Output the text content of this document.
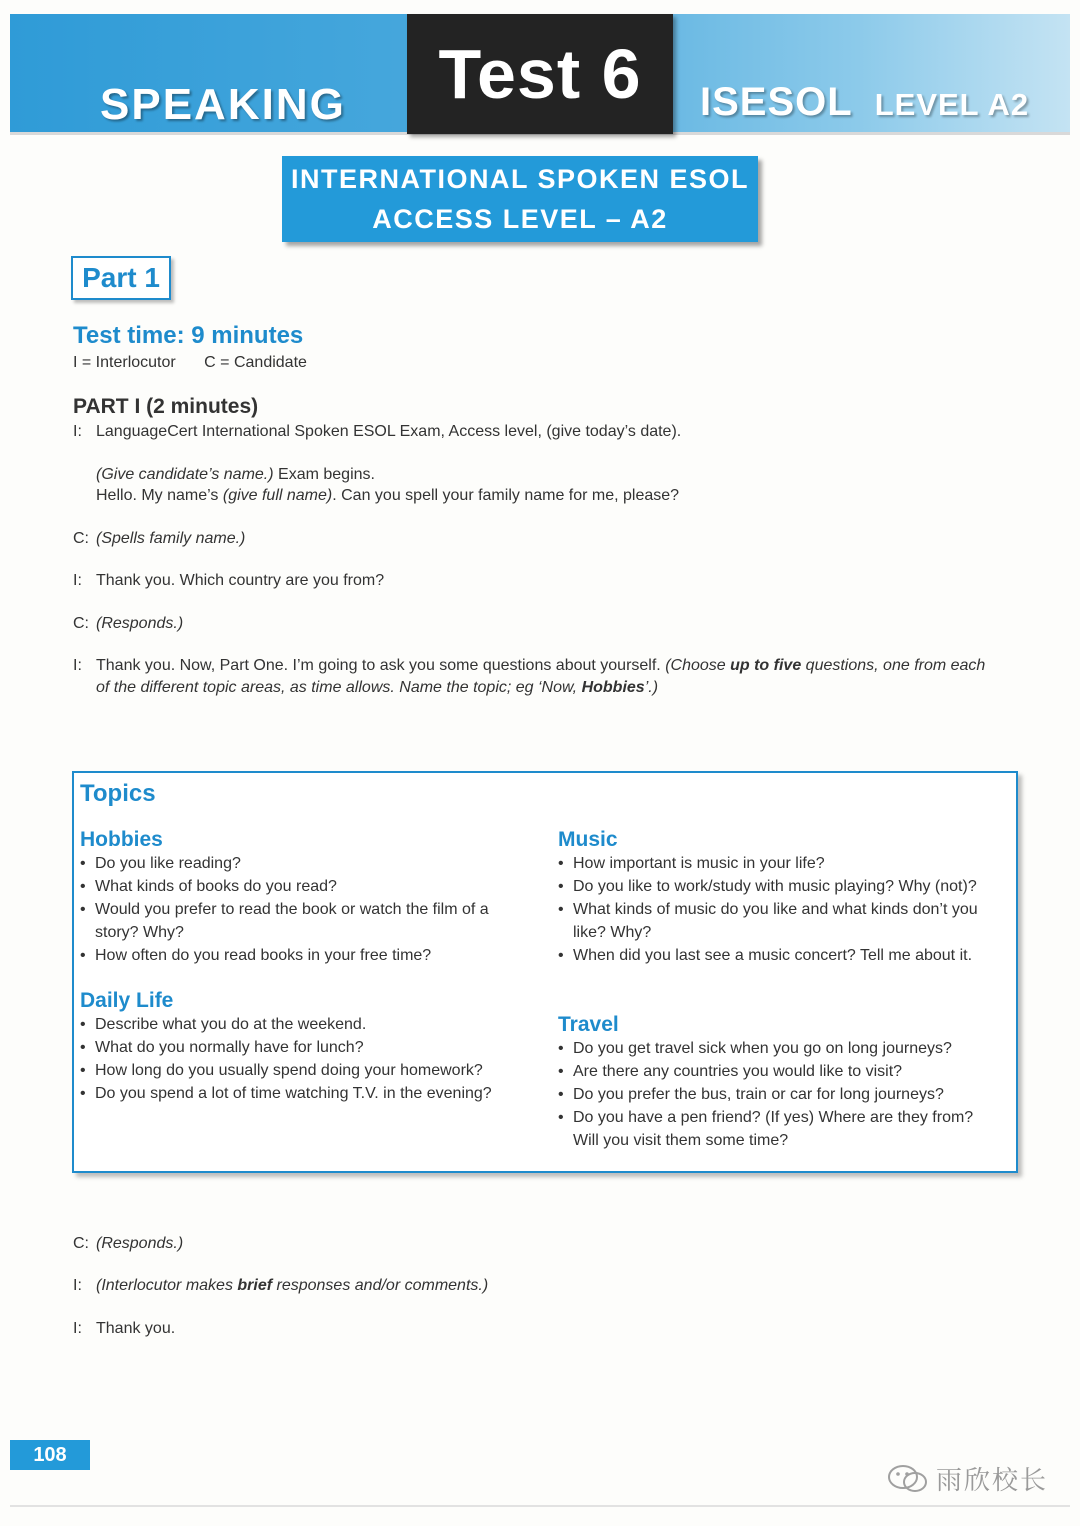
SPEAKING Test 6 ISESOL LEVEL A2
INTERNATIONAL SPOKEN ESOL
ACCESS LEVEL – A2
Part 1
Test time: 9 minutes
I = Interlocutor C = Candidate
PART I (2 minutes)
I: LanguageCert International Spoken ESOL Exam, Access level, (give today’s date).
(Give candidate’s name.) Exam begins.
Hello. My name’s (give full name). Can you spell your family name for me, please?
C: (Spells family name.)
I: Thank you. Which country are you from?
C: (Responds.)
I: Thank you. Now, Part One. I’m going to ask you some questions about yourself. (Choose up to five questions, one from each
of the different topic areas, as time allows. Name the topic; eg ‘Now, Hobbies’.)
Topics
Hobbies
• Do you like reading?
• What kinds of books do you read?
• Would you prefer to read the book or watch the film of a story? Why?
• How often do you read books in your free time?
Daily Life
• Describe what you do at the weekend.
• What do you normally have for lunch?
• How long do you usually spend doing your homework?
• Do you spend a lot of time watching T.V. in the evening?
Music
• How important is music in your life?
• Do you like to work/study with music playing? Why (not)?
• What kinds of music do you like and what kinds don’t you like? Why?
• When did you last see a music concert? Tell me about it.
Travel
• Do you get travel sick when you go on long journeys?
• Are there any countries you would like to visit?
• Do you prefer the bus, train or car for long journeys?
• Do you have a pen friend? (If yes) Where are they from? Will you visit them some time?
C: (Responds.)
I: (Interlocutor makes brief responses and/or comments.)
I: Thank you.
108
雨欣校长
